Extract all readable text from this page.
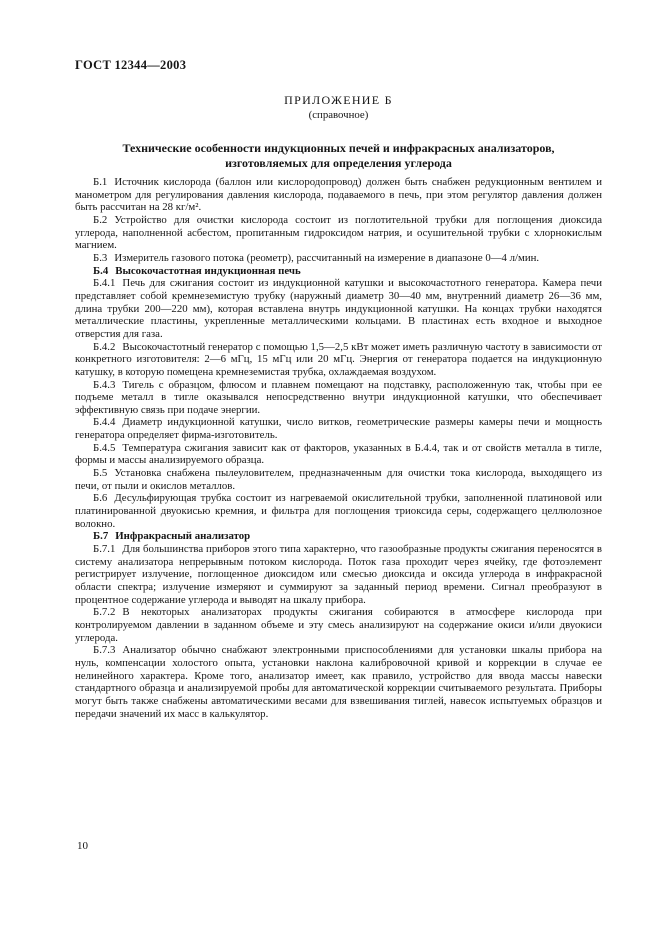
ГОСТ 12344—2003
ПРИЛОЖЕНИЕ Б
(справочное)
Технические особенности индукционных печей и инфракрасных анализаторов, изготовляемых для определения углерода

Б.1 Источник кислорода (баллон или кислородопровод) должен быть снабжен редукционным вентилем и манометром для регулирования давления кислорода, подаваемого в печь, при этом регулятор давления должен быть рассчитан на 28 кг/м².

Б.2 Устройство для очистки кислорода состоит из поглотительной трубки для поглощения диоксида углерода, наполненной асбестом, пропитанным гидроксидом натрия, и осушительной трубки с хлорнокислым магнием.

Б.3 Измеритель газового потока (реометр), рассчитанный на измерение в диапазоне 0—4 л/мин.

Б.4 Высокочастотная индукционная печь

Б.4.1 Печь для сжигания состоит из индукционной катушки и высокочастотного генератора. Камера печи представляет собой кремнеземистую трубку (наружный диаметр 30—40 мм, внутренний диаметр 26—36 мм, длина трубки 200—220 мм), которая вставлена внутрь индукционной катушки. На концах трубки находятся металлические пластины, укрепленные металлическими кольцами. В пластинах есть входное и выходное отверстия для газа.

Б.4.2 Высокочастотный генератор с помощью 1,5—2,5 кВт может иметь различную частоту в зависимости от конкретного изготовителя: 2—6 мГц, 15 мГц или 20 мГц. Энергия от генератора подается на индукционную катушку, в которую помещена кремнеземистая трубка, охлаждаемая воздухом.

Б.4.3 Тигель с образцом, флюсом и плавнем помещают на подставку, расположенную так, чтобы при ее подъеме металл в тигле оказывался непосредственно внутри индукционной катушки, что обеспечивает эффективную связь при подаче энергии.

Б.4.4 Диаметр индукционной катушки, число витков, геометрические размеры камеры печи и мощность генератора определяет фирма-изготовитель.

Б.4.5 Температура сжигания зависит как от факторов, указанных в Б.4.4, так и от свойств металла в тигле, формы и массы анализируемого образца.

Б.5 Установка снабжена пылеуловителем, предназначенным для очистки тока кислорода, выходящего из печи, от пыли и окислов металлов.

Б.6 Десульфирующая трубка состоит из нагреваемой окислительной трубки, заполненной платиновой или платинированной двуокисью кремния, и фильтра для поглощения триоксида серы, содержащего целлюлозное волокно.

Б.7 Инфракрасный анализатор

Б.7.1 Для большинства приборов этого типа характерно, что газообразные продукты сжигания переносятся в систему анализатора непрерывным потоком кислорода. Поток газа проходит через ячейку, где фотоэлемент регистрирует излучение, поглощенное диоксидом или смесью диоксида и оксида углерода в инфракрасной области спектра; излучение измеряют и суммируют за заданный период времени. Сигнал преобразуют в процентное содержание углерода и выводят на шкалу прибора.

Б.7.2 В некоторых анализаторах продукты сжигания собираются в атмосфере кислорода при контролируемом давлении в заданном объеме и эту смесь анализируют на содержание окиси и/или двуокиси углерода.

Б.7.3 Анализатор обычно снабжают электронными приспособлениями для установки шкалы прибора на нуль, компенсации холостого опыта, установки наклона калибровочной кривой и коррекции в случае ее нелинейного характера. Кроме того, анализатор имеет, как правило, устройство для ввода массы навески стандартного образца и анализируемой пробы для автоматической коррекции считываемого результата. Приборы могут быть также снабжены автоматическими весами для взвешивания тиглей, навесок испытуемых образцов и передачи значений их масс в калькулятор.

10
